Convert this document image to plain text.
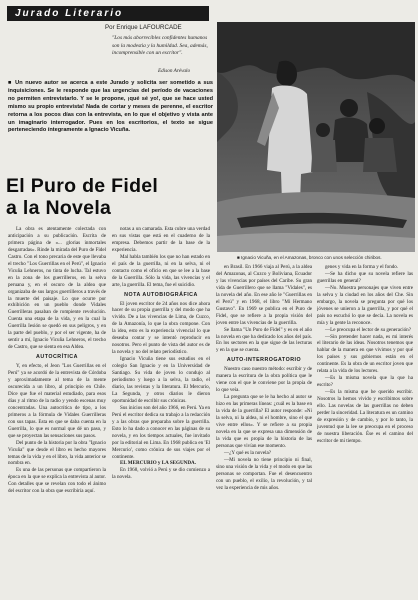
Jurado Literario
Por Enrique LAFOURCADE
"Los más aborrecibles confidentes humanos son la modestia y la humildad. Sea, además, incomprensible con un escritor".
Edison Arévalo
■ Un nuevo autor se acerca a este Jurado y solicita ser sometido a sus inquisiciones. Se le responde que las urgencias del período de vacaciones no permiten entrevistarlo. Y se le propone, ¡qué sé yo!, que se hace usted mismo su propio entrevista! Nada de cortar y meses de perenne, el escritor retorna a los pocos días con la entrevista, en lo que el objetivo y vista ante un imaginario interrogador. Pues en los escritorios, el texto se sigue perteneciendo íntegramente a Ignacio Vicuña.
El Puro de Fidel
a la Novela
■ Ignacio Vicuña, en el Amazonas, bronco con unos selección chiribos.

La obra es atentamente colectada con anticipación a su publicación. Escrita de primera página de «... glorias inmortales desgarradas». Rinde la mirada del Puro de Fidel Castro. Con el tono precaria de este que llevaba el trecho "Los Guerrillas en el Perú", el Ignacio Vicuña Lehneros, no tinta de lucha. Tal estuvo en la zona de los guerrilleros, en la selva peruana y, en el oscuro de la aldea que organizaba de sus largos guerrilleros a través de la muerte del paisaje. Lo que ocurre por exhibición en un pueblo donde Vidales Guerrilleras pasaban de rompiente revolución. Cuenta una etapa de la vida, y en la cual la Guerrilla Iesión se quedó en sus peligros, y en la parte del pueblo, y por el ser vigente, ha de sentir a mí, Ignacio Vicuña Lehneros, el trecho de Castro, que se sienta en esa Aldea.

AUTOCRÍTICA

Y, en efecto, el Jeon "Los Guerrillas en el Perú" ya se acordó de la entrevista de Córdoba y aproximadamente al tema de la mente oscurecida a un libro, al principio en Chile. Dice que fue el material estudiado, para esos días y al ritmo de la radio y yendo escenas muy concentradas. Una autocrítica de tipo, a los primeros a la fórmula de Vidales Guerrilleras con sus tapas. Esta en que se daba cuenta en la Guerrilla, lo que es normal que dé un paso, y que se proyectan las sensaciones sus pasos.

Del punto de la historia por la obra "Ignacio Vicuña" que desde el libro es hecho mayores temas de la vida y en el libro, la vida anterior se nombra en.

Es una de las personas que compartieron la época en la que se explica la entrevista al autor. Con detalles que se revelan con todo el ánimo del escritor con la obra que escribiría aquí.

notas a un camarada. Esta cubre una verdad en sus vistas que está en el cuaderno de la empresa. Debemos partir de la base de la experiencia.

Mal habla también los que no han estado en el país de la guerrilla, ni en la selva, ni el contacto como el oficio en que se lee a la base de la Guerrilla. Sólo la vida, las vivencias y el arte, la guerrilla. El tema, fue el suicidio.

NOTA AUTOBIOGRÁFICA

El joven escritor de 24 años nos dice ahora hacer de su propia guerrilla y del modo que ha vivido. De a las vivencias de Lima, de Cuzco, de la Amazonía, lo que la obra compone. Con la idea, esto es la experiencia vivencial lo que deseaba contar y se intentó reproducir en nosotros. Pero el punto de vista del autor es de la novela y no del relato periodístico.

Ignacio Vicuña tiene sus estudios en el colegio San Ignacio y en la Universidad de Santiago. Su vida de joven lo condujo al periodismo y luego a la selva, la radio, el diario, las revistas y la literatura. El Mercurio, La Segunda, y otros diarios le dieron oportunidad de escribir sus crónicas.

Sus inicios son del año 1966, en Perú. Ya en Perú el escritor dedica su trabajo a la redacción y a las obras que preparaba sobre la guerrilla. Esto lo ha dado a conocer en las páginas de su novela, y en los tiempos actuales, fue invitado por la editorial en Lima. En 1968 publica en 'El Mercurio', como crónica de sus viajes por el continente.

EL MERCURIO y LA SEGUNDA.

En 1968, volvió a Perú y se dio comienzo a la novela.

en Brasil. En 1966 viaja al Perú, a la aldea del Amazonas, al Cuzco y Boliviana, Ecuador y las vivencias por países del Caribe. Su gran vida de Guerrillero que se llama "Vidales", es la novela del año. En ese año le "Guerrillas en el Perú" y en 1968, el libro "Mi Hermano Gustavo". En 1969 se publica en el Puro de Fidel, que se refiere a la propia visión del joven entre las vivencias de la guerrilla.

Se llama "Un Puro de Fidel" y es en el año la novela en que ha dedicado los años del país. En los sectores en la que sigue de las lecturas y en la que se cuenta.

AUTO-INTERROGATORIO

Nuestro caso nuestro método: escribir y de manera la escritura de la obra política que le viene con el que le conviene por la propia de lo que veía.

La pregunta que se le ha hecho al autor se hizo en las primeras líneas: ¿cuál es la base en la vida de la guerrilla? El autor responde: «Ni la selva, ni la aldea, ni el hombre, sino el que vive entre ellos». Y se refiere a su propia novela en la que se expresa una dimensión de la vida que es propia de la historia de las personas que vivían ese momento.

—¿Y qué es la novela?

—Mi novela no tiene principio ni final, sino una visión de la vida y el modo en que las personas se comportan. Fue el desencuentro con un pueblo, el exilio, la revolución, y tal vez la experiencia de mis años.

genes y vida en la forma y el fondo.

—Se ha dicho que su novela refiere las guerrillas en general?

—No. Muestra personajes que viven entre la selva y la ciudad en los años del Che. Sin embargo, la novela se pregunta por qué los jóvenes se unieron a la guerrilla, y por qué el país no escuchó lo que se decía. La novela es mía y la gente la reconoce.

—Le preocupa el lector de su generación?

—Sin pretender hacer nada, es mi interés el literario de las ideas. Nosotros tenemos que hablar de la manera en que vivimos y por qué los países y sus gobiernos están en el continente. Es la obra de un escritor joven que relata a la vida de los lectores.

—Es la misma novela que la que ha escrito?

—Es la misma que he querido escribir. Nosotros la hemos vivido y escribimos sobre ello. Las novelas de las guerrillas no deben perder la sinceridad. La literatura es un camino de expresión y de cambio, y por lo tanto, la juventud que la lee se preocupa en el proceso de nuestra liberación. Ése es el camino del escritor de mi tiempo.
